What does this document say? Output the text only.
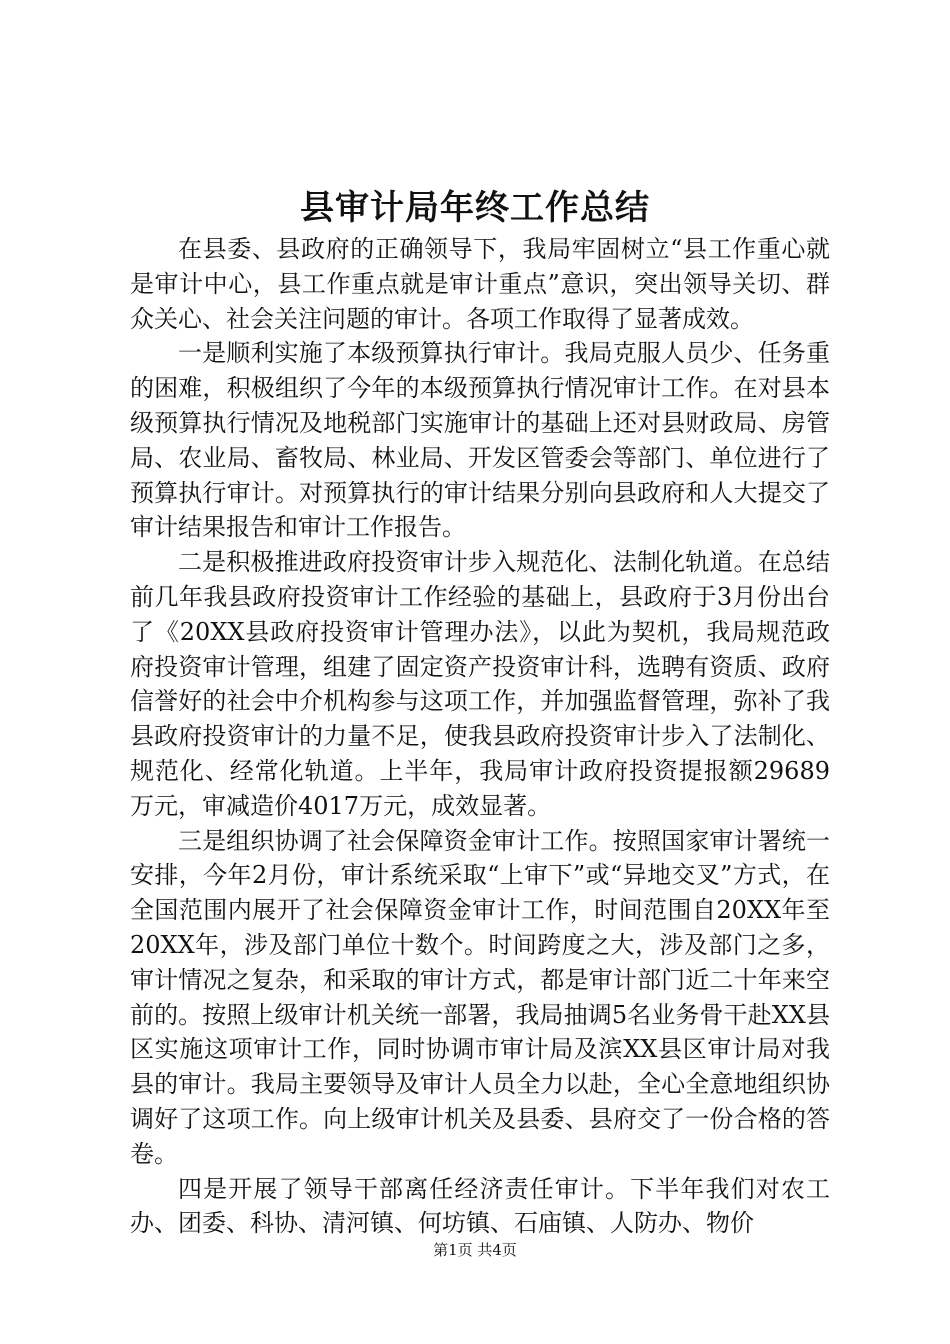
县审计局年终工作总结

在县委、县政府的正确领导下，我局牢固树立“县工作重心就是审计中心，县工作重点就是审计重点”意识，突出领导关切、群众关心、社会关注问题的审计。各项工作取得了显著成效。

一是顺利实施了本级预算执行审计。我局克服人员少、任务重的困难，积极组织了今年的本级预算执行情况审计工作。在对县本级预算执行情况及地税部门实施审计的基础上还对县财政局、房管局、农业局、畜牧局、林业局、开发区管委会等部门、单位进行了预算执行审计。对预算执行的审计结果分别向县政府和人大提交了审计结果报告和审计工作报告。

二是积极推进政府投资审计步入规范化、法制化轨道。在总结前几年我县政府投资审计工作经验的基础上，县政府于3月份出台了《20XX县政府投资审计管理办法》，以此为契机，我局规范政府投资审计管理，组建了固定资产投资审计科，选聘有资质、政府信誉好的社会中介机构参与这项工作，并加强监督管理，弥补了我县政府投资审计的力量不足，使我县政府投资审计步入了法制化、规范化、经常化轨道。上半年，我局审计政府投资提报额29689万元，审减造价4017万元，成效显著。

三是组织协调了社会保障资金审计工作。按照国家审计署统一安排，今年2月份，审计系统采取“上审下”或“异地交叉”方式，在全国范围内展开了社会保障资金审计工作，时间范围自20XX年至20XX年，涉及部门单位十数个。时间跨度之大，涉及部门之多，审计情况之复杂，和采取的审计方式，都是审计部门近二十年来空前的。按照上级审计机关统一部署，我局抽调5名业务骨干赴XX县区实施这项审计工作，同时协调市审计局及滨XX县区审计局对我县的审计。我局主要领导及审计人员全力以赴，全心全意地组织协调好了这项工作。向上级审计机关及县委、县府交了一份合格的答卷。

四是开展了领导干部离任经济责任审计。下半年我们对农工办、团委、科协、清河镇、何坊镇、石庙镇、人防办、物价

第1页 共4页
